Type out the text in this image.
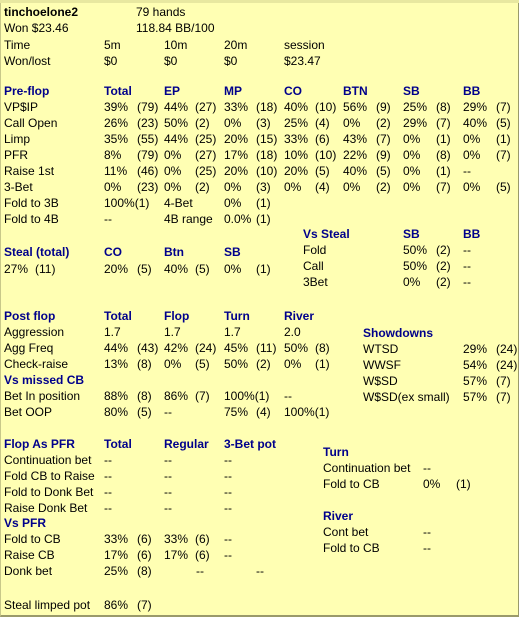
tinchoelone2	79 hands
Won $23.46	118.84 BB/100
Time	5m	10m	20m	session
Won/lost	$0	$0	$0	$23.47
Pre-flop	Total	EP	MP	CO	BTN	SB	BB
VP$IP	39% (79) 44% (27) 33% (18) 40% (10) 56% (9) 25% (8) 29% (7)
Call Open	26% (23) 50% (2) 0% (3) 25% (4) 0% (2) 29% (7) 40% (5)
Limp	35% (55) 44% (25) 20% (15) 33% (6) 43% (7) 0% (1) 0% (1)
PFR	8% (79) 0% (27) 17% (18) 10% (10) 22% (9) 0% (8) 0% (7)
Raise 1st	11% (46) 0% (25) 20% (10) 20% (5) 40% (5) 0% (1) --
3-Bet	0% (23) 0% (2) 0% (3) 0% (4) 0% (2) 0% (7) 0% (5)
Fold to 3B	100%(1) 4-Bet	0% (1)
Fold to 4B	--	4B range 0.0% (1)
Steal (total)	CO	Btn	SB
27% (11)	20% (5) 40% (5) 0% (1)
Vs Steal	SB	BB
Fold	50% (2) --
Call	50% (2) --
3Bet	0% (2) --
Post flop	Total	Flop	Turn	River
Aggression	1.7	1.7	1.7	2.0
Agg Freq	44% (43) 42% (24) 45% (11) 50% (8)
Check-raise	13% (8) 0% (5) 50% (2) 0% (1)
Vs missed CB
Bet In position 88% (8) 86% (7) 100%(1) --
Bet OOP	80% (5) --	75% (4) 100%(1)
Showdowns
WTSD	29% (24)
WWSF	54% (24)
W$SD	57% (7)
W$SD(ex small) 57% (7)
Flop As PFR Total	Regular 3-Bet pot
Continuation bet --	--	--
Fold CB to Raise --	--	--
Fold to Donk Bet --	--	--
Raise Donk Bet --	--	--
Turn
Continuation bet --
Fold to CB	0% (1)
Vs PFR
Fold to CB	33% (6) 33% (6) --
Raise CB	17% (6) 17% (6) --
Donk bet	25% (8)	--	--
River
Cont bet	--
Fold to CB	--
Steal limped pot 86% (7)
